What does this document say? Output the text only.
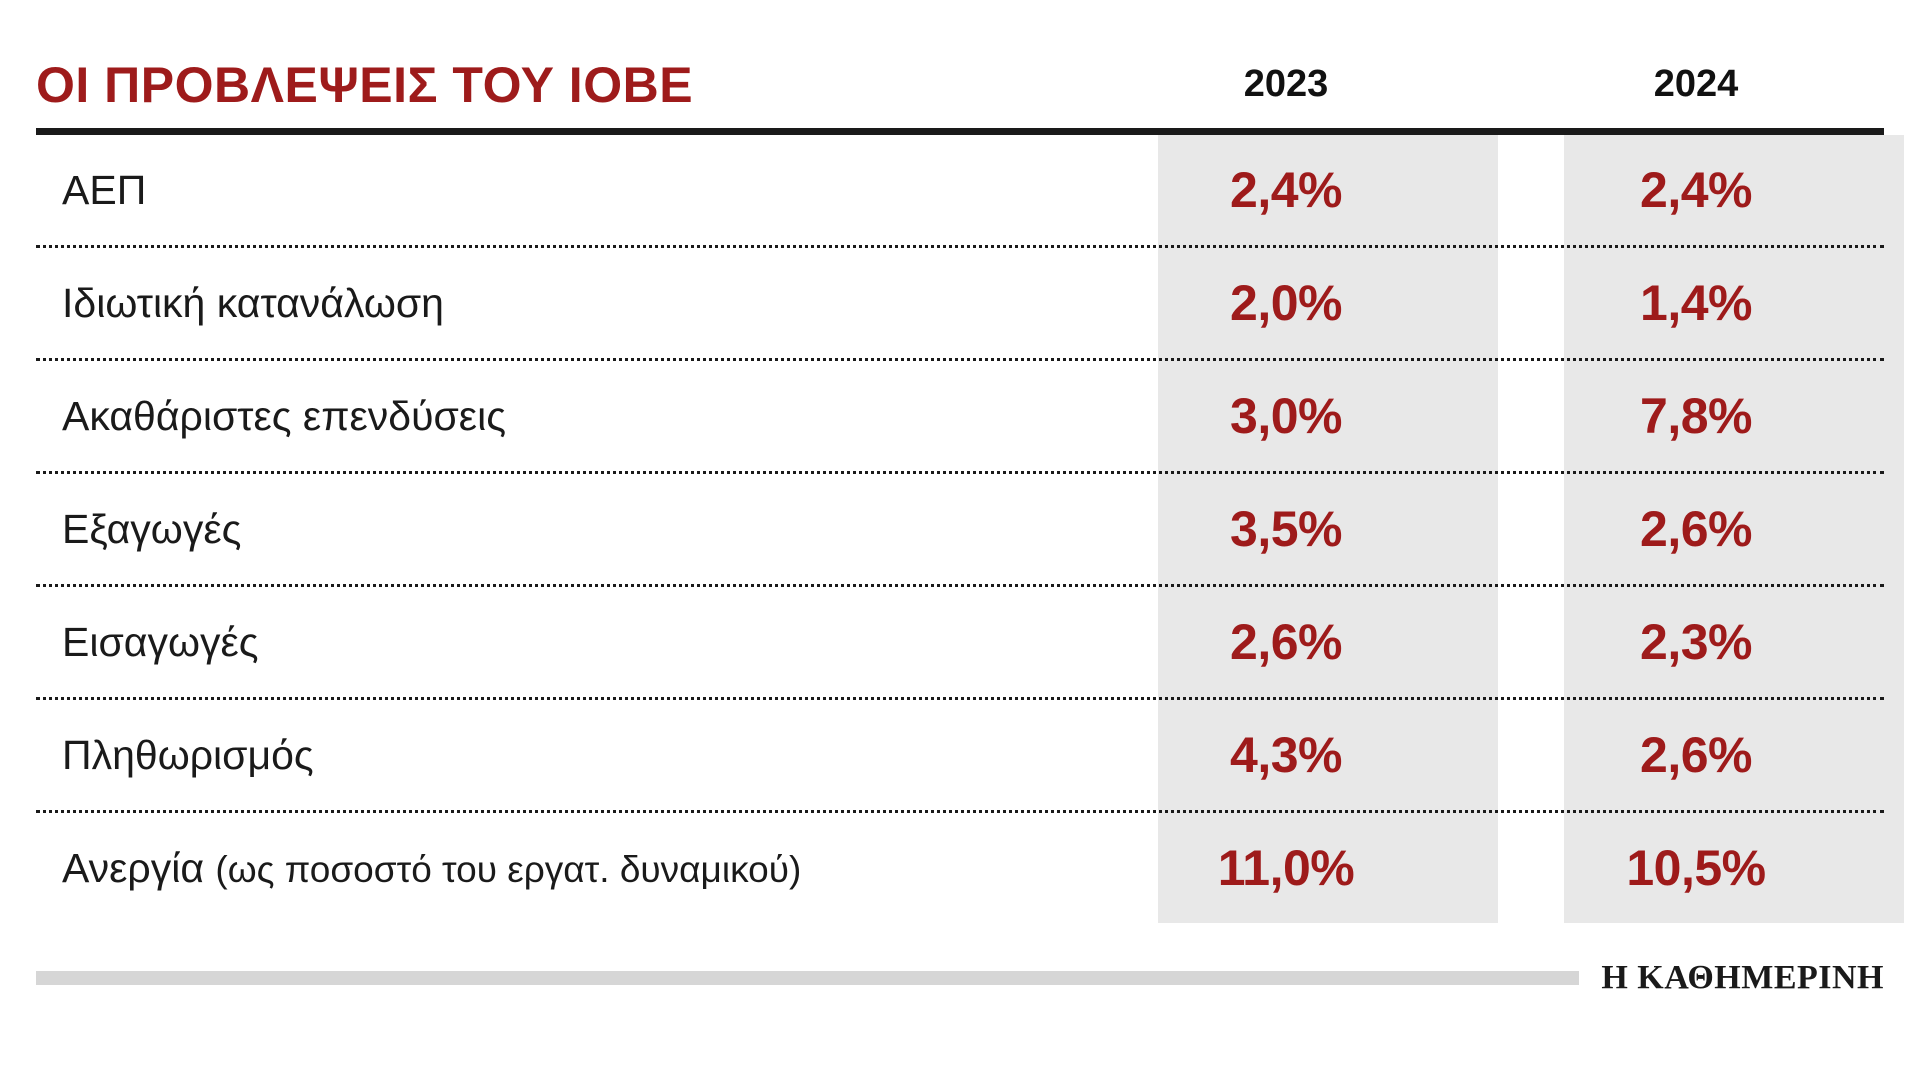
ΟΙ ΠΡΟΒΛΕΨΕΙΣ ΤΟΥ ΙΟΒΕ	2023	2024
ΑΕΠ	2,4%	2,4%
Ιδιωτική κατανάλωση	2,0%	1,4%
Ακαθάριστες επενδύσεις	3,0%	7,8%
Εξαγωγές	3,5%	2,6%
Εισαγωγές	2,6%	2,3%
Πληθωρισμός	4,3%	2,6%
Ανεργία (ως ποσοστό του εργατ. δυναμικού)	11,0%	10,5%
Η ΚΑΘΗΜΕΡΙΝΗ
